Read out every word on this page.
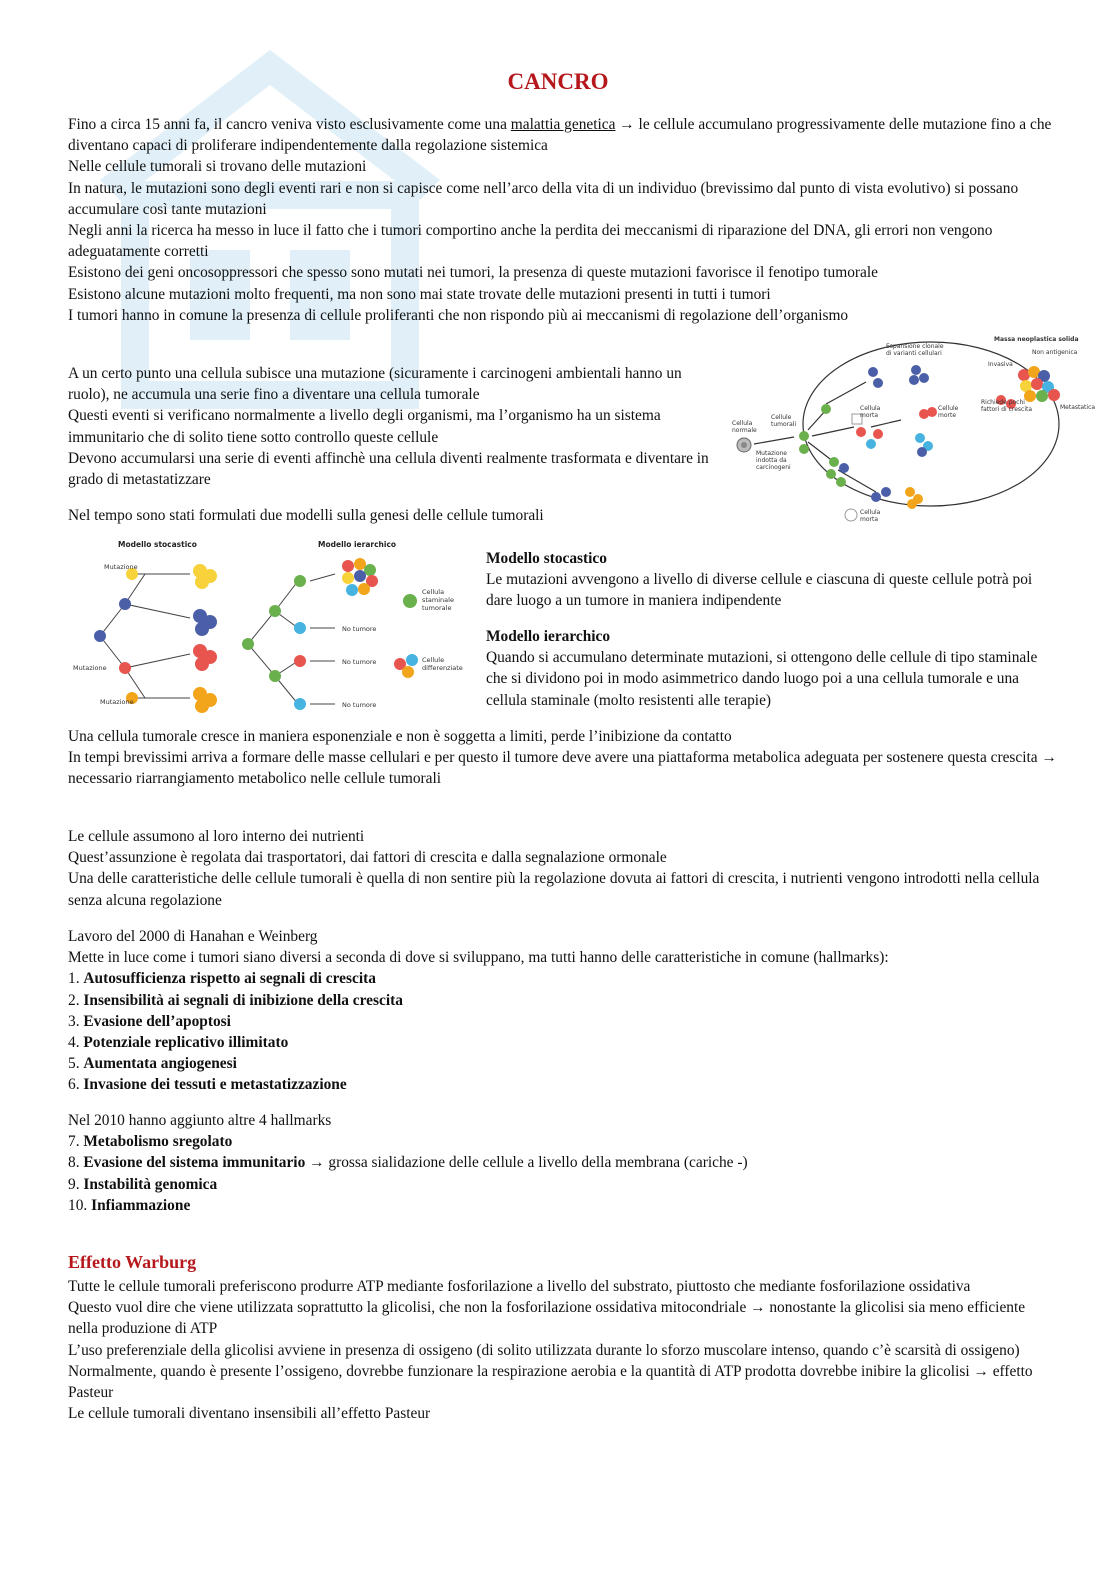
CANCRO

Fino a circa 15 anni fa, il cancro veniva visto esclusivamente come una malattia genetica → le cellule accumulano progressivamente delle mutazione fino a che diventano capaci di proliferare indipendentemente dalla regolazione sistemica

Nelle cellule tumorali si trovano delle mutazioni

In natura, le mutazioni sono degli eventi rari e non si capisce come nell’arco della vita di un individuo (brevissimo dal punto di vista evolutivo) si possano accumulare così tante mutazioni

Negli anni la ricerca ha messo in luce il fatto che i tumori comportino anche la perdita dei meccanismi di riparazione del DNA, gli errori non vengono adeguatamente corretti

Esistono dei geni oncosoppressori che spesso sono mutati nei tumori, la presenza di queste mutazioni favorisce il fenotipo tumorale

Esistono alcune mutazioni molto frequenti, ma non sono mai state trovate delle mutazioni presenti in tutti i tumori

I tumori hanno in comune la presenza di cellule proliferanti che non rispondo più ai meccanismi di regolazione dell’organismo

A un certo punto una cellula subisce una mutazione (sicuramente i carcinogeni ambientali hanno un ruolo), ne accumula una serie fino a diventare una cellula tumorale

Questi eventi si verificano normalmente a livello degli organismi, ma l’organismo ha un sistema immunitario che di solito tiene sotto controllo queste cellule

Devono accumularsi una serie di eventi affinchè una cellula diventi realmente trasformata e diventare in grado di metastatizzare

Nel tempo sono stati formulati due modelli sulla genesi delle cellule tumorali
Massa neoplastica solida
Espansione clonale
di varianti cellulari	Non antigenica
Invasiva
Richiede pochi
fattori di crescita	Metastatica
Cellula
normale
Cellule
tumorali
Cellula
morta
Cellule
morte
Cellula
morta
Mutazione
indotta da
carcinogeni
Modello stocastico	Modello ierarchico
Mutazione
Mutazione
Mutazione
Cellula
staminale
tumorale
No tumore
No tumore
No tumore
Cellule
differenziate

Modello stocastico

Le mutazioni avvengono a livello di diverse cellule e ciascuna di queste cellule potrà poi dare luogo a un tumore in maniera indipendente

Modello ierarchico

Quando si accumulano determinate mutazioni, si ottengono delle cellule di tipo staminale che si dividono poi in modo asimmetrico dando luogo poi a una cellula tumorale e una cellula staminale (molto resistenti alle terapie)

Una cellula tumorale cresce in maniera esponenziale e non è soggetta a limiti, perde l’inibizione da contatto

In tempi brevissimi arriva a formare delle masse cellulari e per questo il tumore deve avere una piattaforma metabolica adeguata per sostenere questa crescita → necessario riarrangiamento metabolico nelle cellule tumorali

Le cellule assumono al loro interno dei nutrienti

Quest’assunzione è regolata dai trasportatori, dai fattori di crescita e dalla segnalazione ormonale

Una delle caratteristiche delle cellule tumorali è quella di non sentire più la regolazione dovuta ai fattori di crescita, i nutrienti vengono introdotti nella cellula senza alcuna regolazione

Lavoro del 2000 di Hanahan e Weinberg

Mette in luce come i tumori siano diversi a seconda di dove si sviluppano, ma tutti hanno delle caratteristiche in comune (hallmarks):

1. Autosufficienza rispetto ai segnali di crescita
2. Insensibilità ai segnali di inibizione della crescita
3. Evasione dell’apoptosi
4. Potenziale replicativo illimitato
5. Aumentata angiogenesi
6. Invasione dei tessuti e metastatizzazione

Nel 2010 hanno aggiunto altre 4 hallmarks

7. Metabolismo sregolato
8. Evasione del sistema immunitario → grossa sialidazione delle cellule a livello della membrana (cariche -)
9. Instabilità genomica
10. Infiammazione
Effetto Warburg

Tutte le cellule tumorali preferiscono produrre ATP mediante fosforilazione a livello del substrato, piuttosto che mediante fosforilazione ossidativa

Questo vuol dire che viene utilizzata soprattutto la glicolisi, che non la fosforilazione ossidativa mitocondriale → nonostante la glicolisi sia meno efficiente nella produzione di ATP

L’uso preferenziale della glicolisi avviene in presenza di ossigeno (di solito utilizzata durante lo sforzo muscolare intenso, quando c’è scarsità di ossigeno)

Normalmente, quando è presente l’ossigeno, dovrebbe funzionare la respirazione aerobia e la quantità di ATP prodotta dovrebbe inibire la glicolisi → effetto Pasteur

Le cellule tumorali diventano insensibili all’effetto Pasteur
